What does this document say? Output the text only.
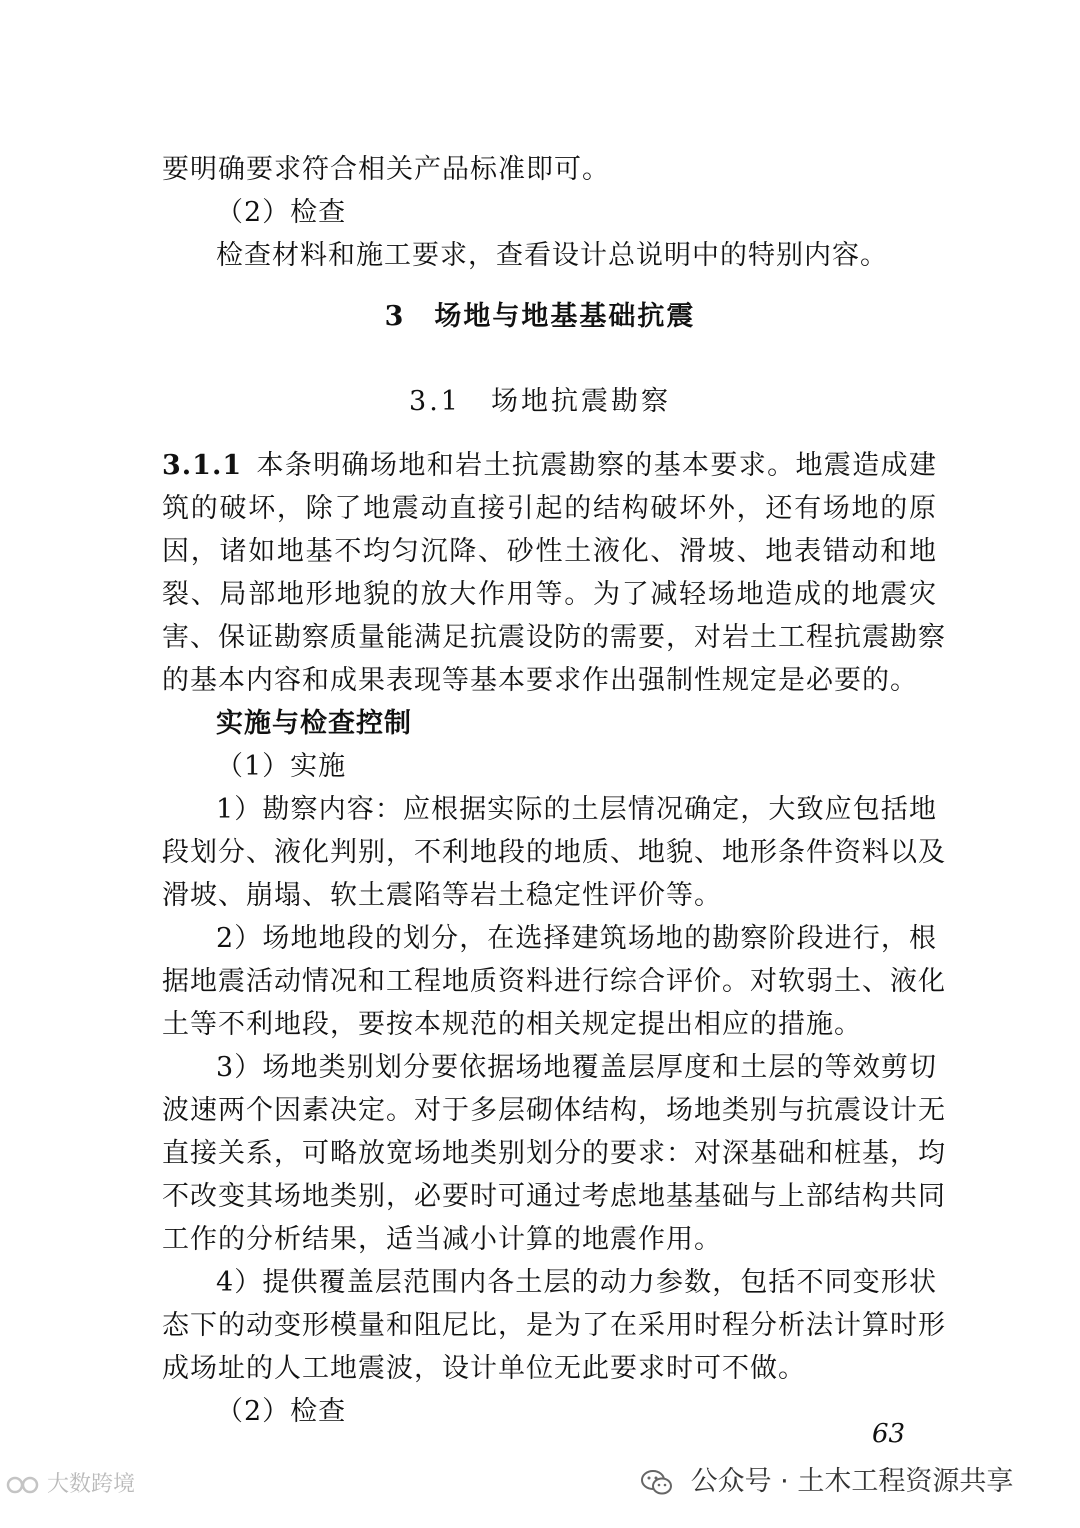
要明确要求符合相关产品标准即可。
（2）检查
检查材料和施工要求，查看设计总说明中的特别内容。
3　场地与地基基础抗震
3.1　场地抗震勘察
3.1.1 本条明确场地和岩土抗震勘察的基本要求。地震造成建
筑的破坏，除了地震动直接引起的结构破坏外，还有场地的原
因，诸如地基不均匀沉降、砂性土液化、滑坡、地表错动和地
裂、局部地形地貌的放大作用等。为了减轻场地造成的地震灾
害、保证勘察质量能满足抗震设防的需要，对岩土工程抗震勘察
的基本内容和成果表现等基本要求作出强制性规定是必要的。
实施与检查控制
（1）实施
1）勘察内容：应根据实际的土层情况确定，大致应包括地
段划分、液化判别，不利地段的地质、地貌、地形条件资料以及
滑坡、崩塌、软土震陷等岩土稳定性评价等。
2）场地地段的划分，在选择建筑场地的勘察阶段进行，根
据地震活动情况和工程地质资料进行综合评价。对软弱土、液化
土等不利地段，要按本规范的相关规定提出相应的措施。
3）场地类别划分要依据场地覆盖层厚度和土层的等效剪切
波速两个因素决定。对于多层砌体结构，场地类别与抗震设计无
直接关系，可略放宽场地类别划分的要求：对深基础和桩基，均
不改变其场地类别，必要时可通过考虑地基基础与上部结构共同
工作的分析结果，适当减小计算的地震作用。
4）提供覆盖层范围内各土层的动力参数，包括不同变形状
态下的动变形模量和阻尼比，是为了在采用时程分析法计算时形
成场址的人工地震波，设计单位无此要求时可不做。
（2）检查
63
大数跨境	公众号 · 土木工程资源共享
